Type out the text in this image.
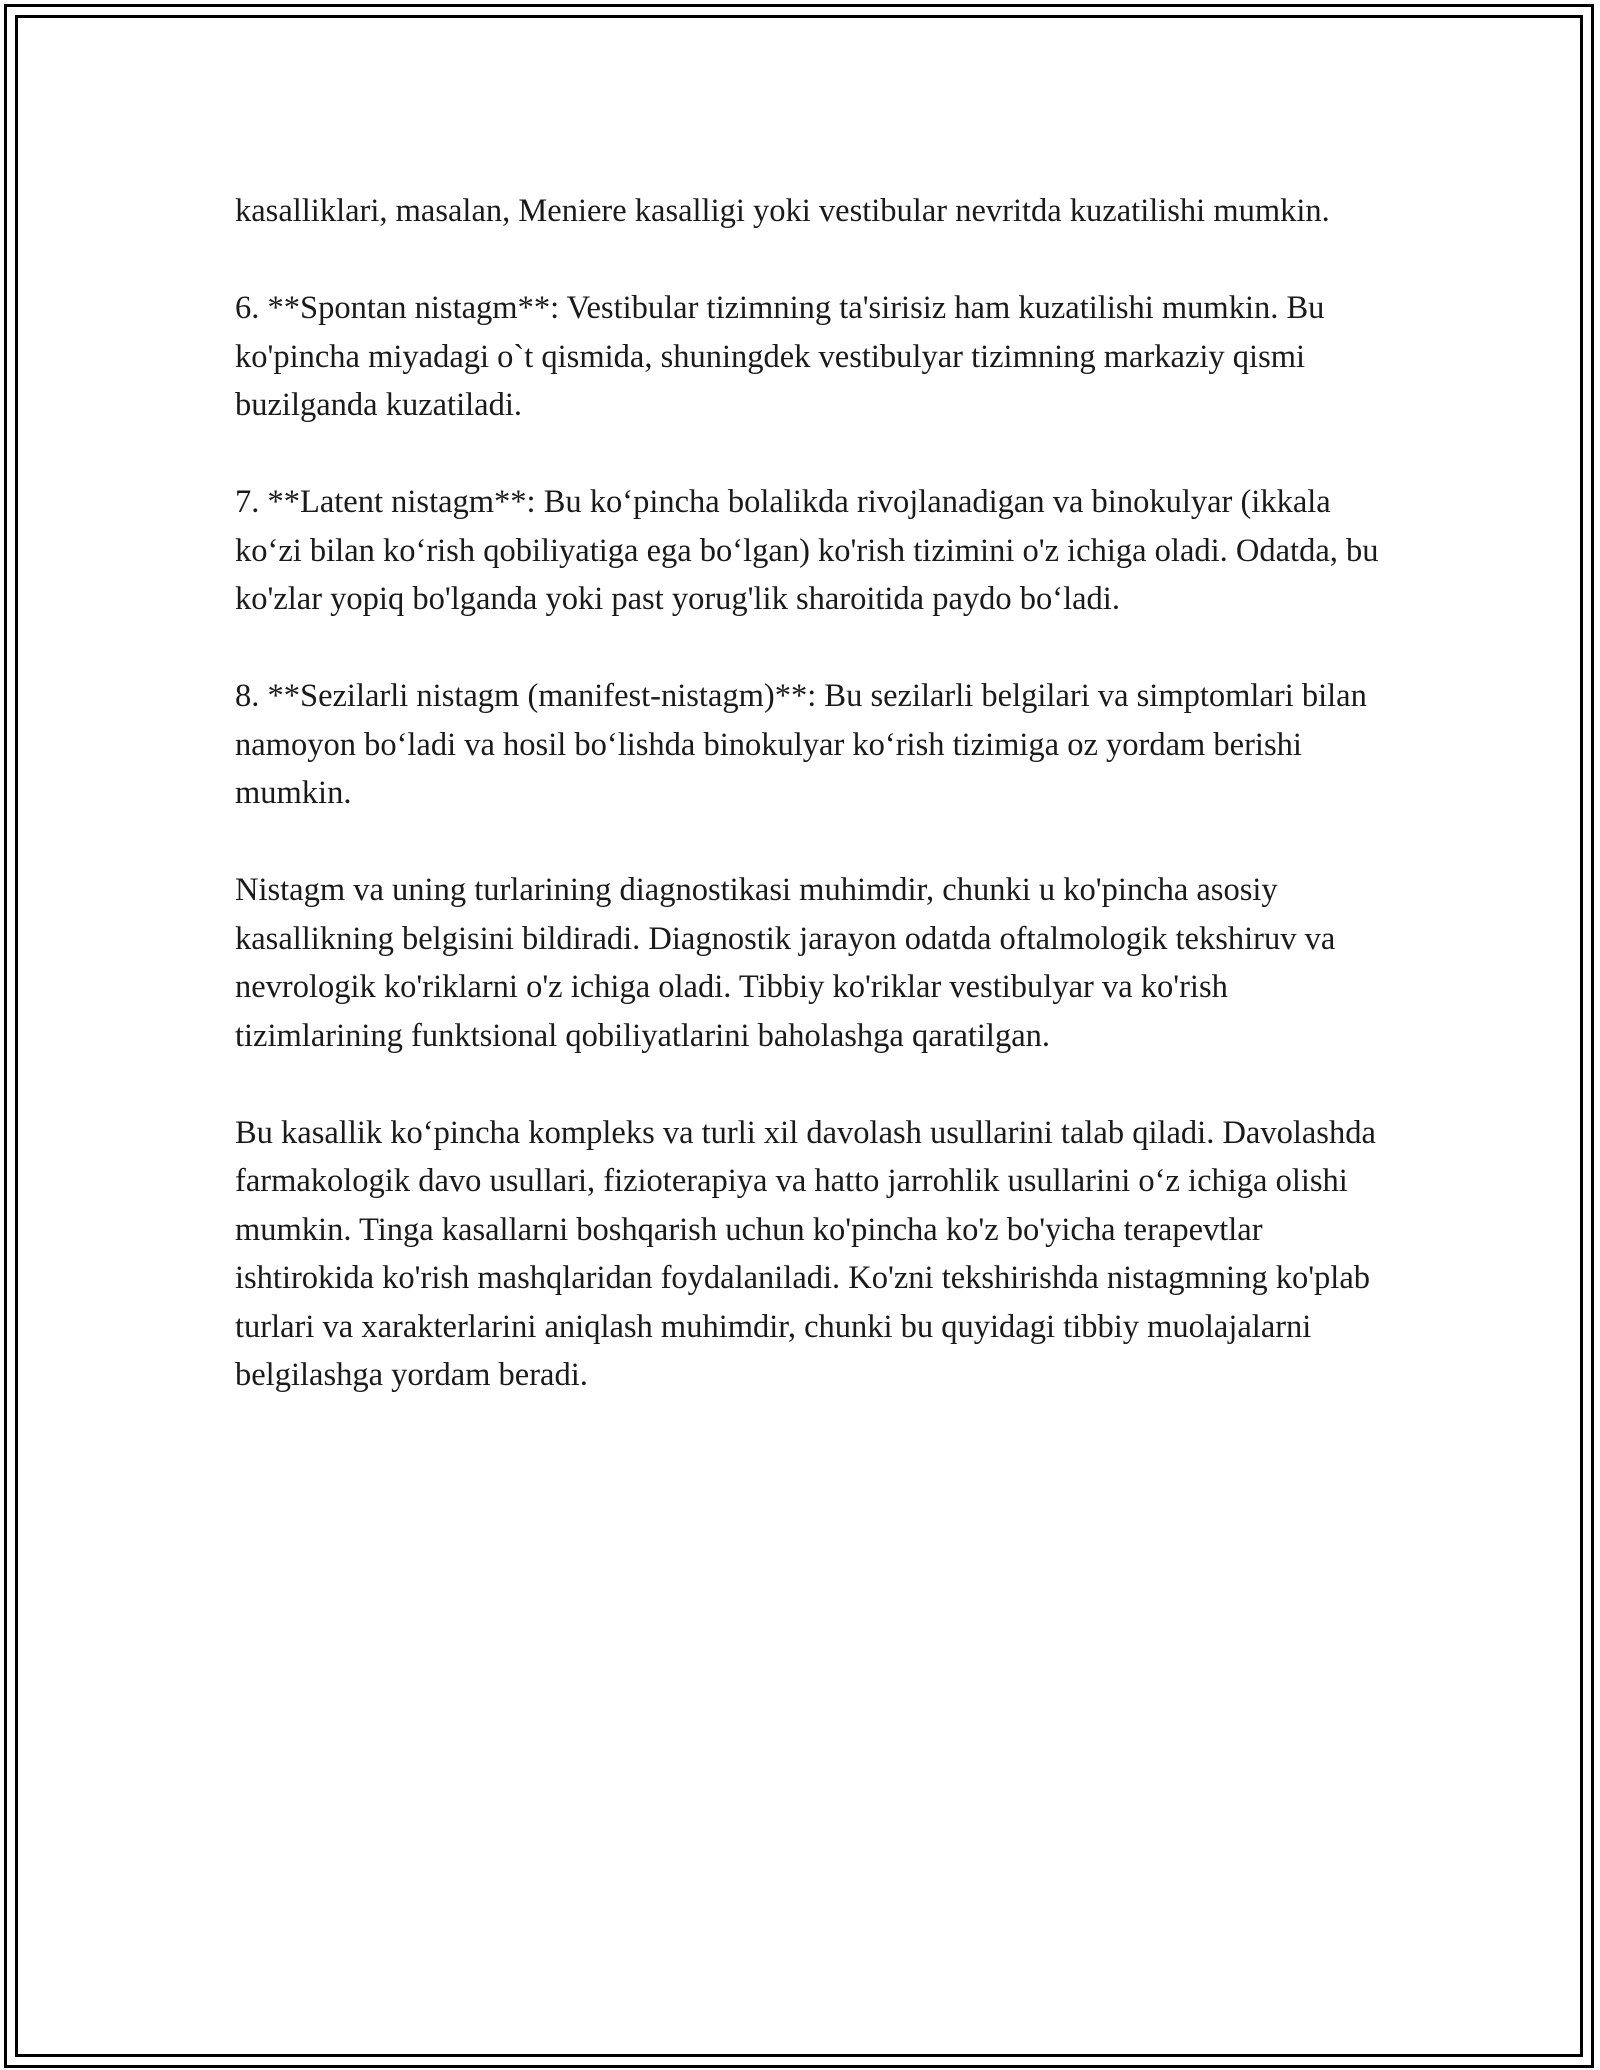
kasalliklari, masalan, Meniere kasalligi yoki vestibular nevritda kuzatilishi mumkin.

6. **Spontan nistagm**: Vestibular tizimning ta'sirisiz ham kuzatilishi mumkin. Bu ko'pincha miyadagi o`t qismida, shuningdek vestibulyar tizimning markaziy qismi buzilganda kuzatiladi.

7. **Latent nistagm**: Bu ko‘pincha bolalikda rivojlanadigan va binokulyar (ikkala ko‘zi bilan ko‘rish qobiliyatiga ega bo‘lgan) ko'rish tizimini o'z ichiga oladi. Odatda, bu ko'zlar yopiq bo'lganda yoki past yorug'lik sharoitida paydo bo‘ladi.

8. **Sezilarli nistagm (manifest-nistagm)**: Bu sezilarli belgilari va simptomlari bilan namoyon bo‘ladi va hosil bo‘lishda binokulyar ko‘rish tizimiga oz yordam berishi mumkin.

Nistagm va uning turlarining diagnostikasi muhimdir, chunki u ko'pincha asosiy kasallikning belgisini bildiradi. Diagnostik jarayon odatda oftalmologik tekshiruv va nevrologik ko'riklarni o'z ichiga oladi. Tibbiy ko'riklar vestibulyar va ko'rish tizimlarining funktsional qobiliyatlarini baholashga qaratilgan.

Bu kasallik ko‘pincha kompleks va turli xil davolash usullarini talab qiladi. Davolashda farmakologik davo usullari, fizioterapiya va hatto jarrohlik usullarini o‘z ichiga olishi mumkin. Tinga kasallarni boshqarish uchun ko'pincha ko'z bo'yicha terapevtlar ishtirokida ko'rish mashqlaridan foydalaniladi. Ko'zni tekshirishda nistagmning ko'plab turlari va xarakterlarini aniqlash muhimdir, chunki bu quyidagi tibbiy muolajalarni belgilashga yordam beradi.
